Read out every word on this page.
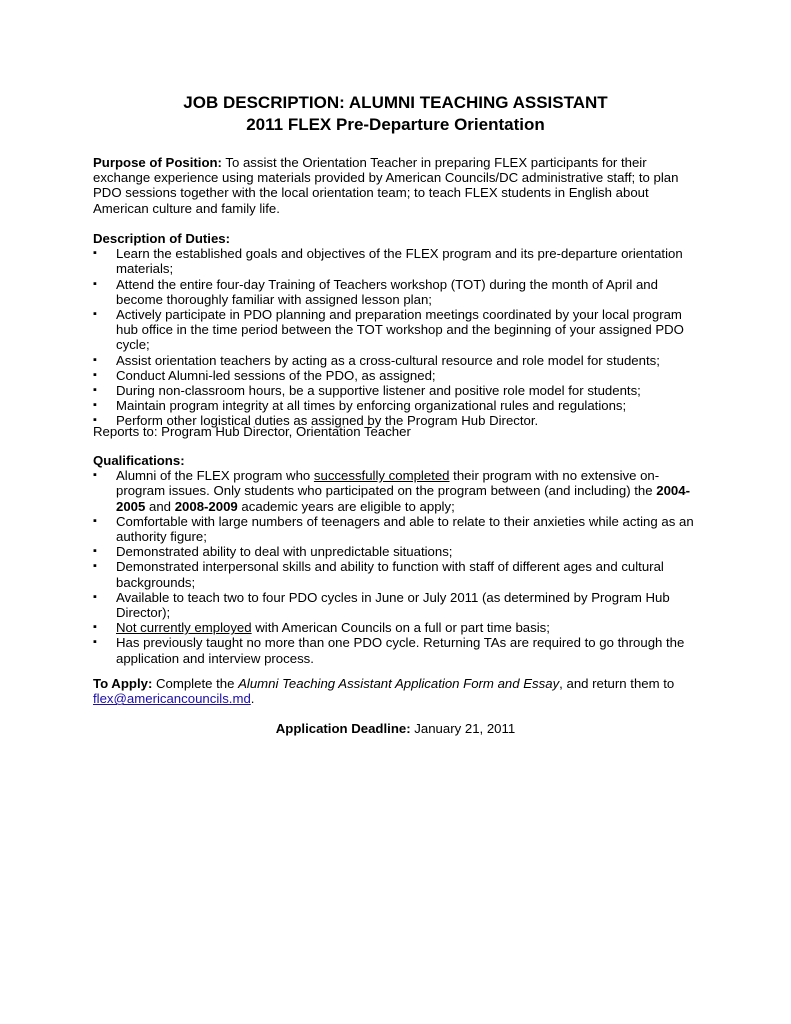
JOB DESCRIPTION: ALUMNI TEACHING ASSISTANT
2011 FLEX Pre-Departure Orientation

Purpose of Position: To assist the Orientation Teacher in preparing FLEX participants for their exchange experience using materials provided by American Councils/DC administrative staff; to plan PDO sessions together with the local orientation team; to teach FLEX students in English about American culture and family life.

Description of Duties:

▪ Learn the established goals and objectives of the FLEX program and its pre-departure orientation materials;
▪ Attend the entire four-day Training of Teachers workshop (TOT) during the month of April and become thoroughly familiar with assigned lesson plan;
▪ Actively participate in PDO planning and preparation meetings coordinated by your local program hub office in the time period between the TOT workshop and the beginning of your assigned PDO cycle;
▪ Assist orientation teachers by acting as a cross-cultural resource and role model for students;
▪ Conduct Alumni-led sessions of the PDO, as assigned;
▪ During non-classroom hours, be a supportive listener and positive role model for students;
▪ Maintain program integrity at all times by enforcing organizational rules and regulations;
▪ Perform other logistical duties as assigned by the Program Hub Director.
Reports to: Program Hub Director, Orientation Teacher

Qualifications:

▪ Alumni of the FLEX program who successfully completed their program with no extensive on-program issues. Only students who participated on the program between (and including) the 2004-2005 and 2008-2009 academic years are eligible to apply;
▪ Comfortable with large numbers of teenagers and able to relate to their anxieties while acting as an authority figure;
▪ Demonstrated ability to deal with unpredictable situations;
▪ Demonstrated interpersonal skills and ability to function with staff of different ages and cultural backgrounds;
▪ Available to teach two to four PDO cycles in June or July 2011 (as determined by Program Hub Director);
▪ Not currently employed with American Councils on a full or part time basis;
▪ Has previously taught no more than one PDO cycle. Returning TAs are required to go through the application and interview process.

To Apply: Complete the Alumni Teaching Assistant Application Form and Essay, and return them to flex@americancouncils.md.

Application Deadline: January 21, 2011
